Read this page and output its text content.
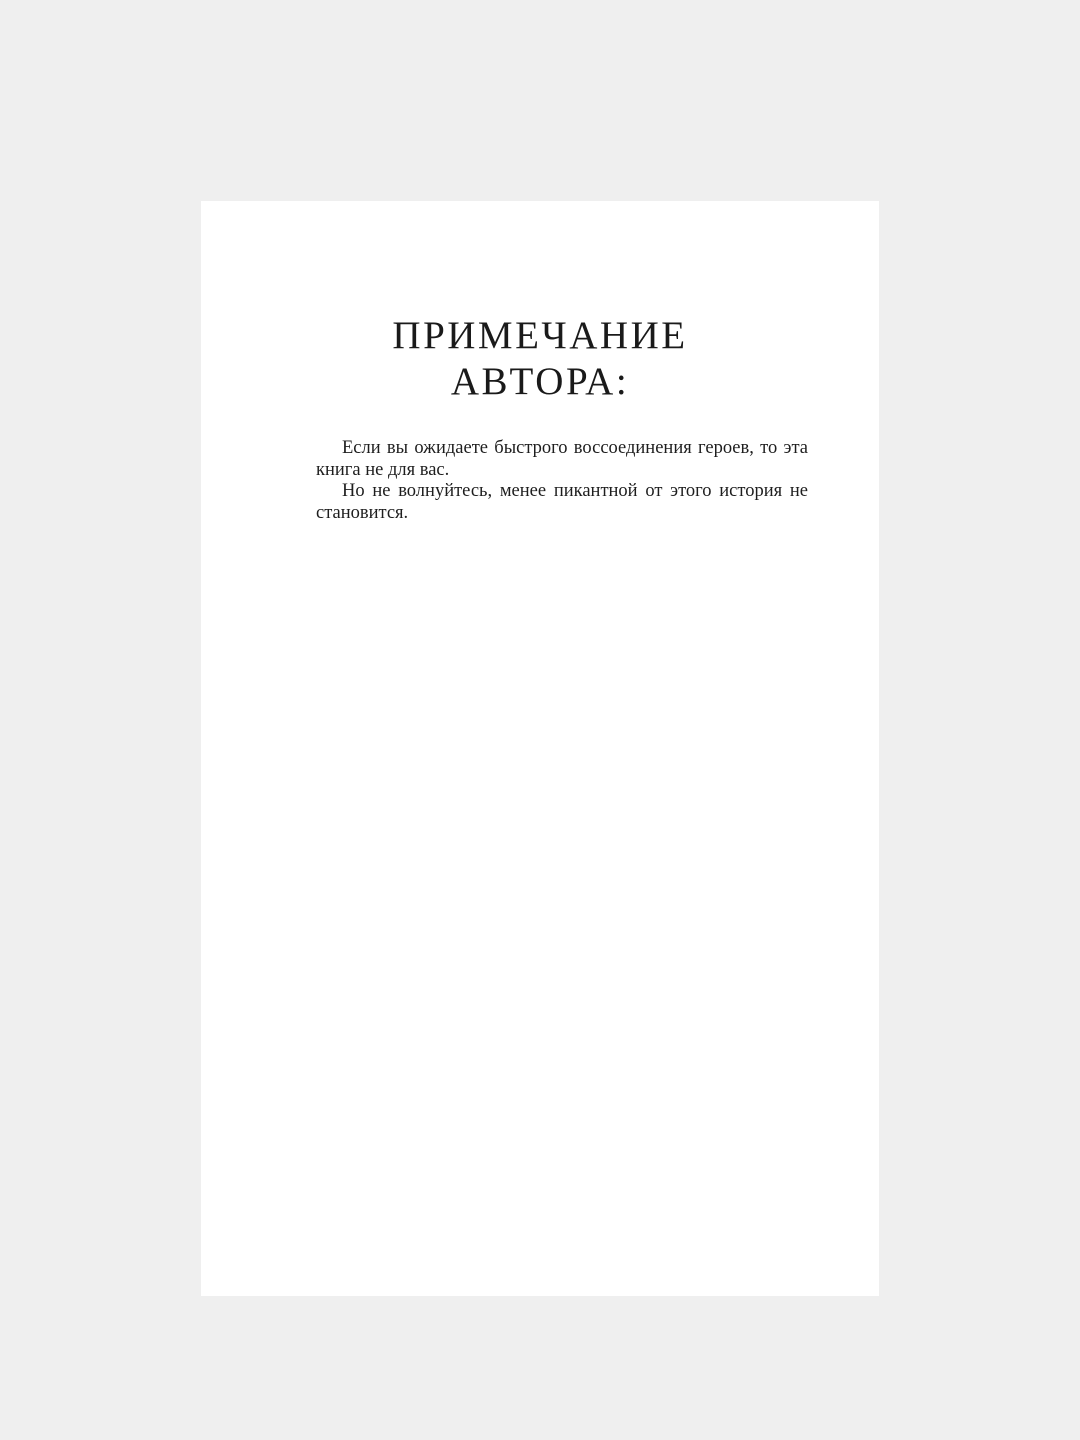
ПРИМЕЧАНИЕ
АВТОРА:

Если вы ожидаете быстрого воссоединения героев, то эта книга не для вас.

Но не волнуйтесь, менее пикантной от этого история не становится.
